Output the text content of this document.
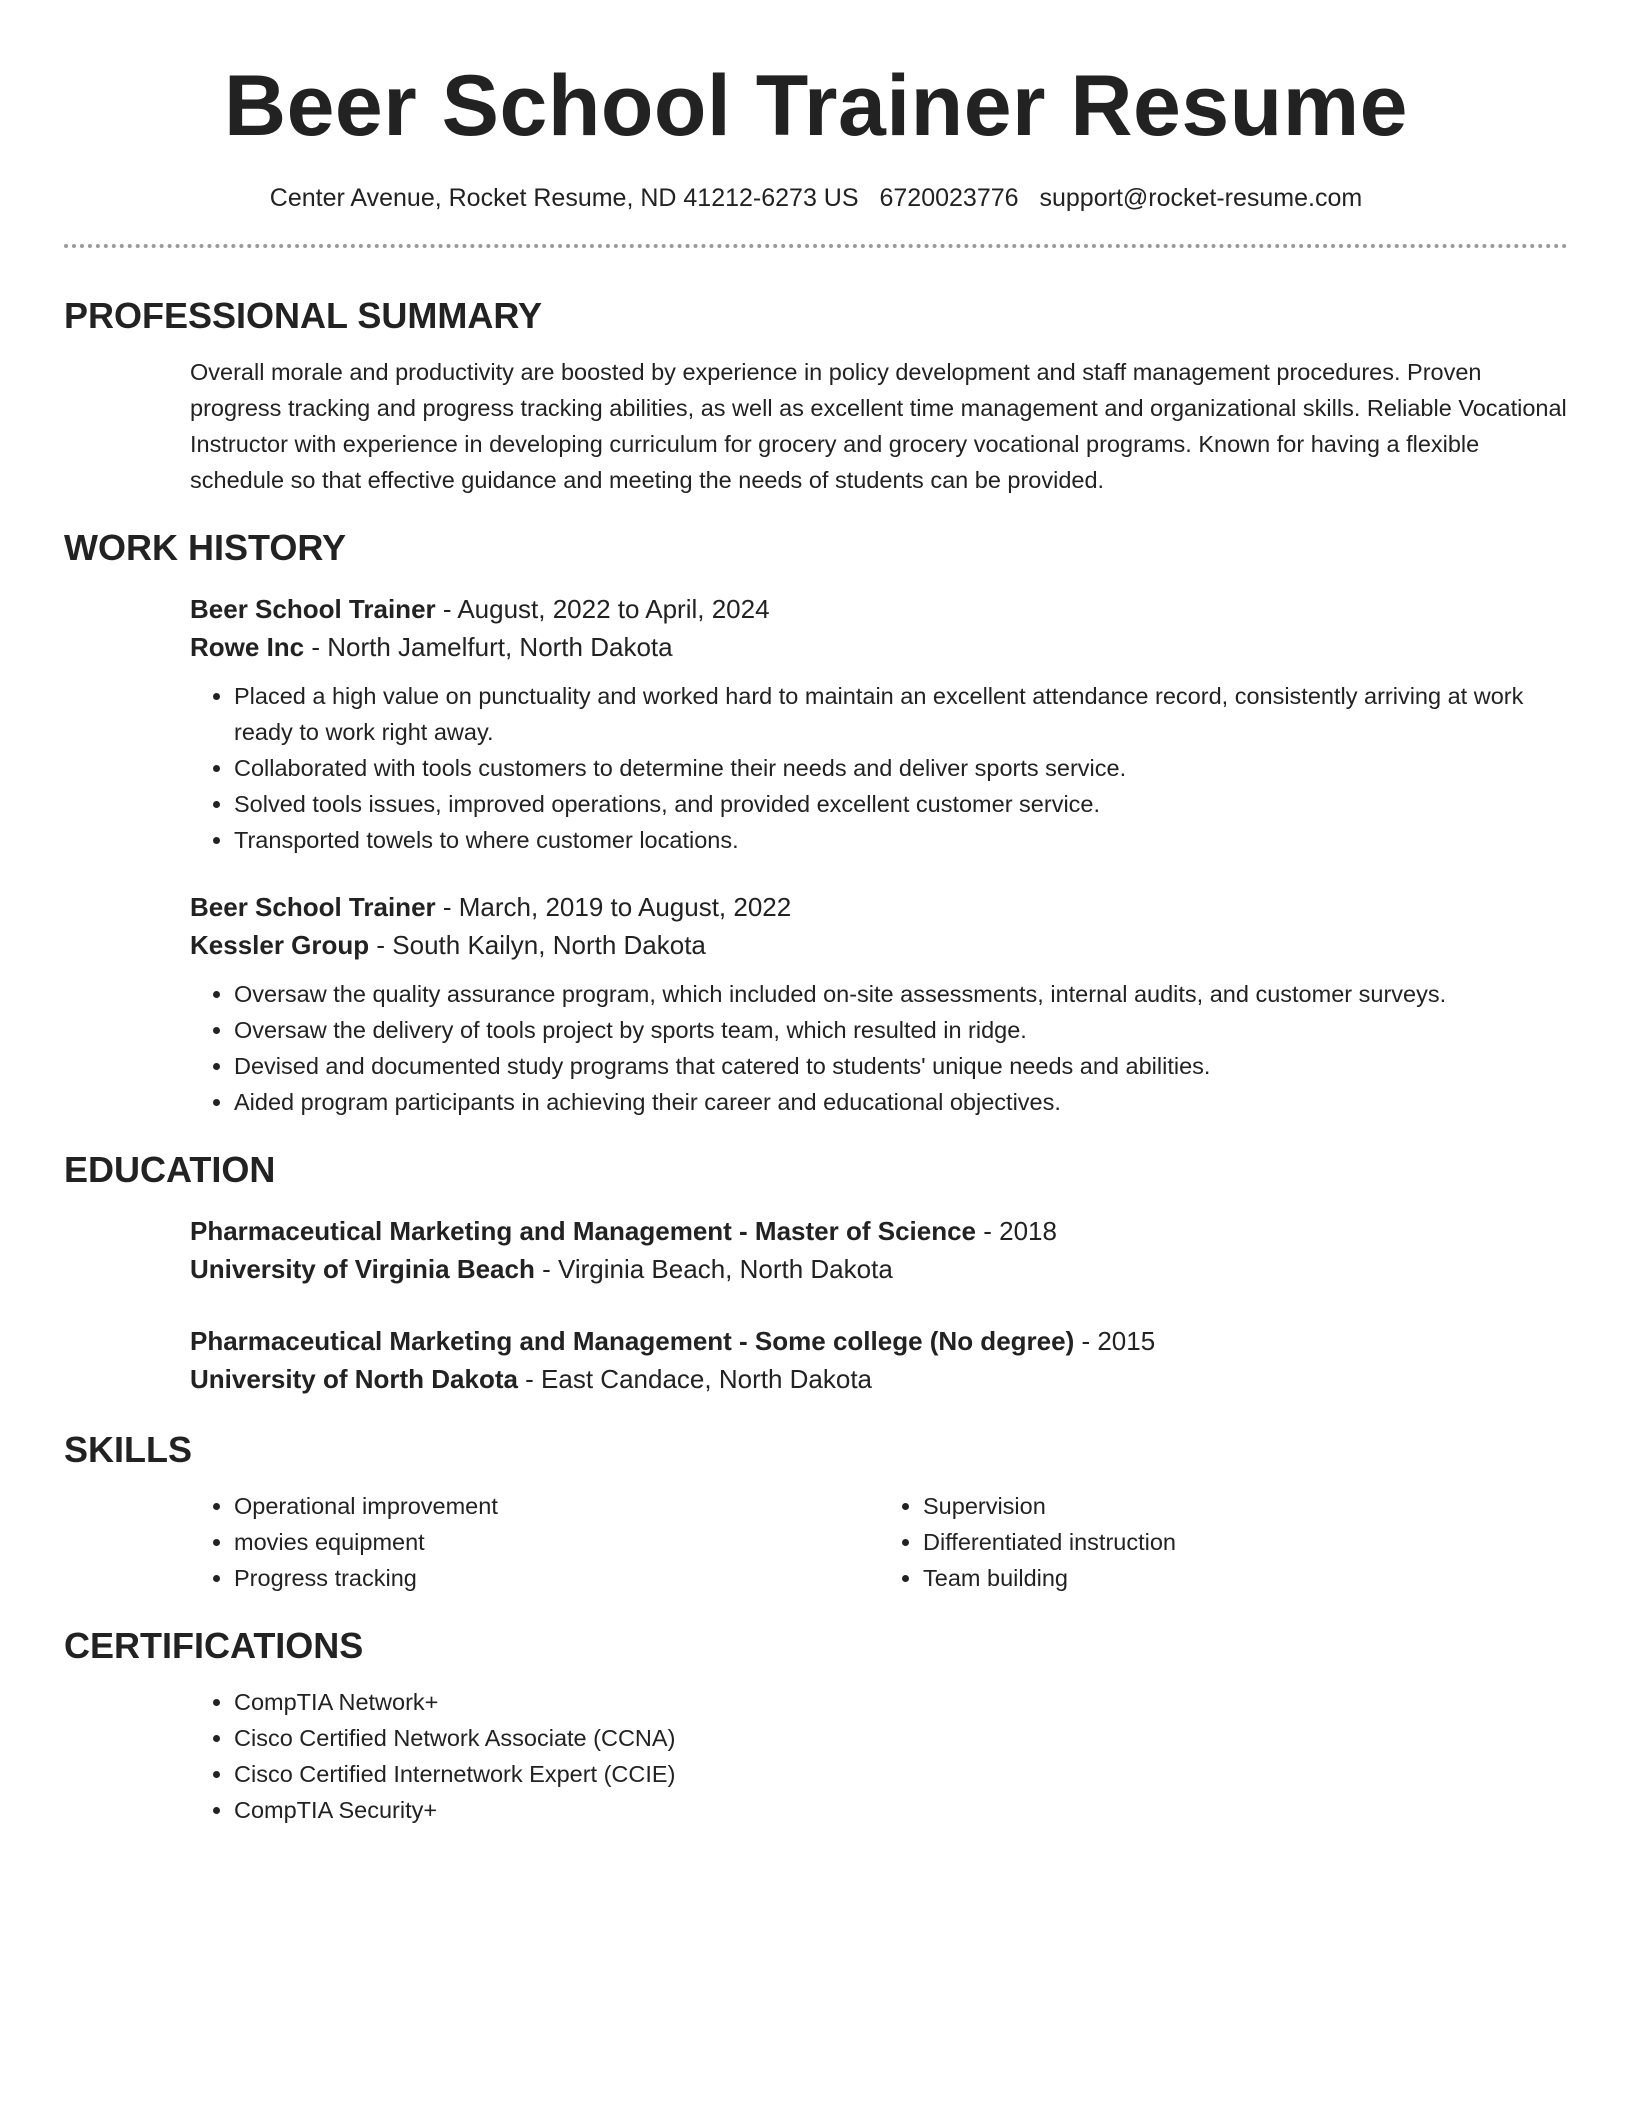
Beer School Trainer Resume
Center Avenue, Rocket Resume, ND 41212-6273 US 6720023776 support@rocket-resume.com
PROFESSIONAL SUMMARY
Overall morale and productivity are boosted by experience in policy development and staff management procedures. Proven progress tracking and progress tracking abilities, as well as excellent time management and organizational skills. Reliable Vocational Instructor with experience in developing curriculum for grocery and grocery vocational programs. Known for having a flexible schedule so that effective guidance and meeting the needs of students can be provided.
WORK HISTORY
Beer School Trainer - August, 2022 to April, 2024
Rowe Inc - North Jamelfurt, North Dakota
• Placed a high value on punctuality and worked hard to maintain an excellent attendance record, consistently arriving at work ready to work right away.
• Collaborated with tools customers to determine their needs and deliver sports service.
• Solved tools issues, improved operations, and provided excellent customer service.
• Transported towels to where customer locations.
Beer School Trainer - March, 2019 to August, 2022
Kessler Group - South Kailyn, North Dakota
• Oversaw the quality assurance program, which included on-site assessments, internal audits, and customer surveys.
• Oversaw the delivery of tools project by sports team, which resulted in ridge.
• Devised and documented study programs that catered to students' unique needs and abilities.
• Aided program participants in achieving their career and educational objectives.
EDUCATION
Pharmaceutical Marketing and Management - Master of Science - 2018
University of Virginia Beach - Virginia Beach, North Dakota
Pharmaceutical Marketing and Management - Some college (No degree) - 2015
University of North Dakota - East Candace, North Dakota
SKILLS
• Operational improvement
• movies equipment
• Progress tracking
• Supervision
• Differentiated instruction
• Team building
CERTIFICATIONS
• CompTIA Network+
• Cisco Certified Network Associate (CCNA)
• Cisco Certified Internetwork Expert (CCIE)
• CompTIA Security+
